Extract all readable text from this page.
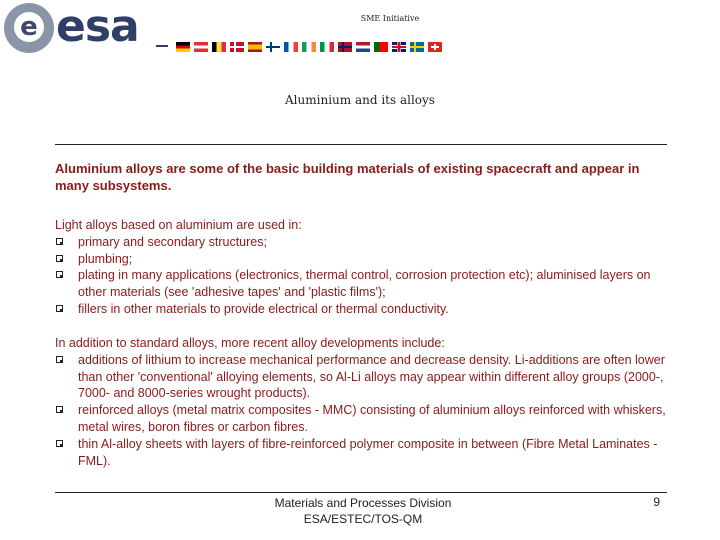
e esa	SME Initiative
Aluminium and its alloys
Aluminium alloys are some of the basic building materials of existing spacecraft and appear in many subsystems.

Light alloys based on aluminium are used in:

primary and secondary structures;
plumbing;
plating in many applications (electronics, thermal control, corrosion protection etc); aluminised layers on other materials (see 'adhesive tapes' and 'plastic films');
fillers in other materials to provide electrical or thermal conductivity.

In addition to standard alloys, more recent alloy developments include:

additions of lithium to increase mechanical performance and decrease density. Li-additions are often lower than other 'conventional' alloying elements, so Al-Li alloys may appear within different alloy groups (2000-, 7000- and 8000-series wrought products).
reinforced alloys (metal matrix composites - MMC) consisting of aluminium alloys reinforced with whiskers, metal wires, boron fibres or carbon fibres.
thin Al-alloy sheets with layers of fibre-reinforced polymer composite in between (Fibre Metal Laminates - FML).
Materials and Processes Division
ESA/ESTEC/TOS-QM
9
